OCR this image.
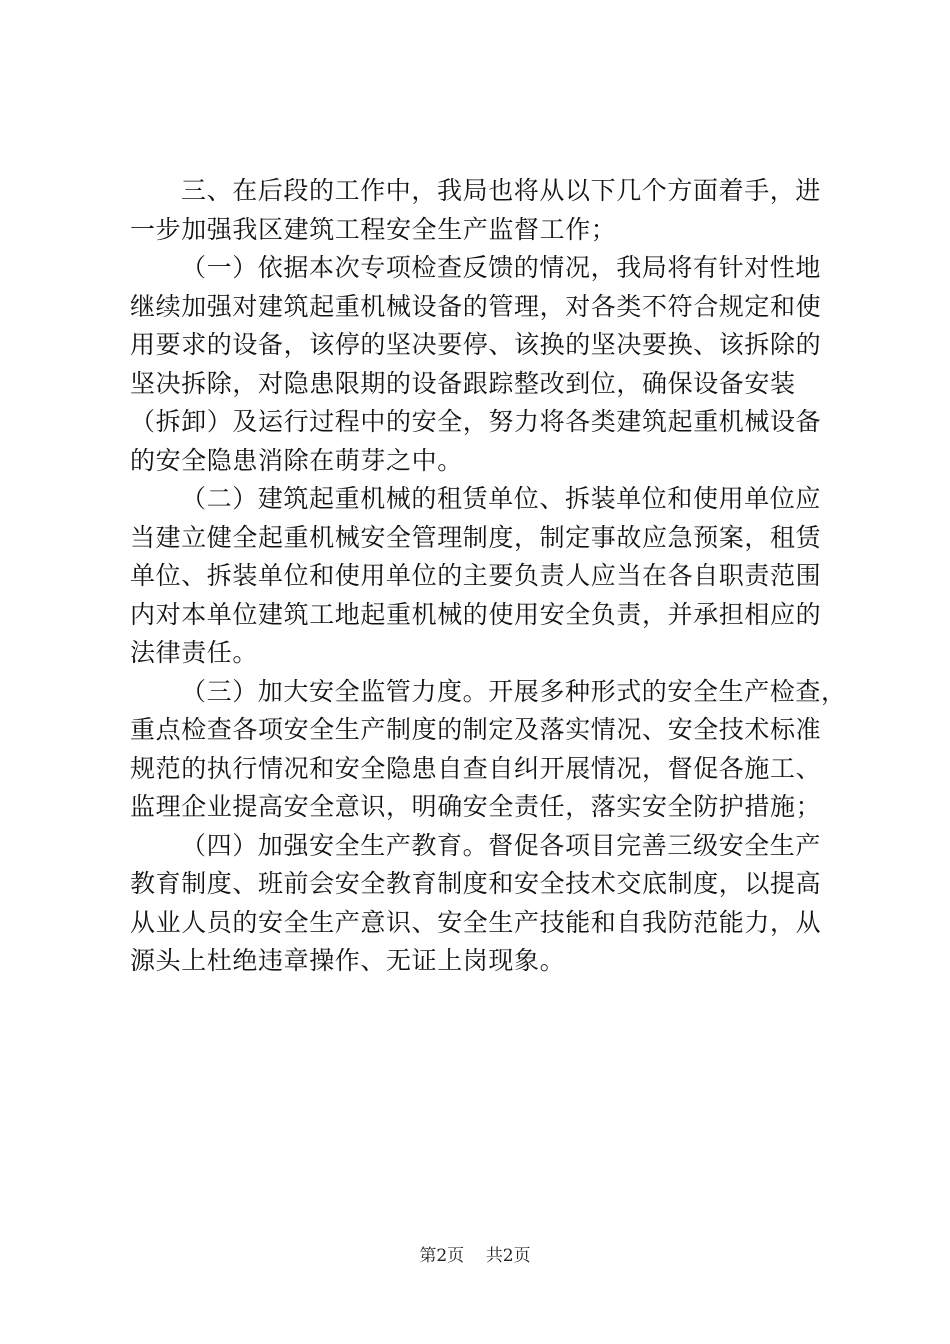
三、在后段的工作中，我局也将从以下几个方面着手，进
一步加强我区建筑工程安全生产监督工作；
（一）依据本次专项检查反馈的情况，我局将有针对性地
继续加强对建筑起重机械设备的管理，对各类不符合规定和使
用要求的设备，该停的坚决要停、该换的坚决要换、该拆除的
坚决拆除，对隐患限期的设备跟踪整改到位，确保设备安装
（拆卸）及运行过程中的安全，努力将各类建筑起重机械设备
的安全隐患消除在萌芽之中。
（二）建筑起重机械的租赁单位、拆装单位和使用单位应
当建立健全起重机械安全管理制度，制定事故应急预案，租赁
单位、拆装单位和使用单位的主要负责人应当在各自职责范围
内对本单位建筑工地起重机械的使用安全负责，并承担相应的
法律责任。
（三）加大安全监管力度。开展多种形式的安全生产检查，
重点检查各项安全生产制度的制定及落实情况、安全技术标准
规范的执行情况和安全隐患自查自纠开展情况，督促各施工、
监理企业提高安全意识，明确安全责任，落实安全防护措施；
（四）加强安全生产教育。督促各项目完善三级安全生产
教育制度、班前会安全教育制度和安全技术交底制度，以提高
从业人员的安全生产意识、安全生产技能和自我防范能力，从
源头上杜绝违章操作、无证上岗现象。
第2页 共2页
